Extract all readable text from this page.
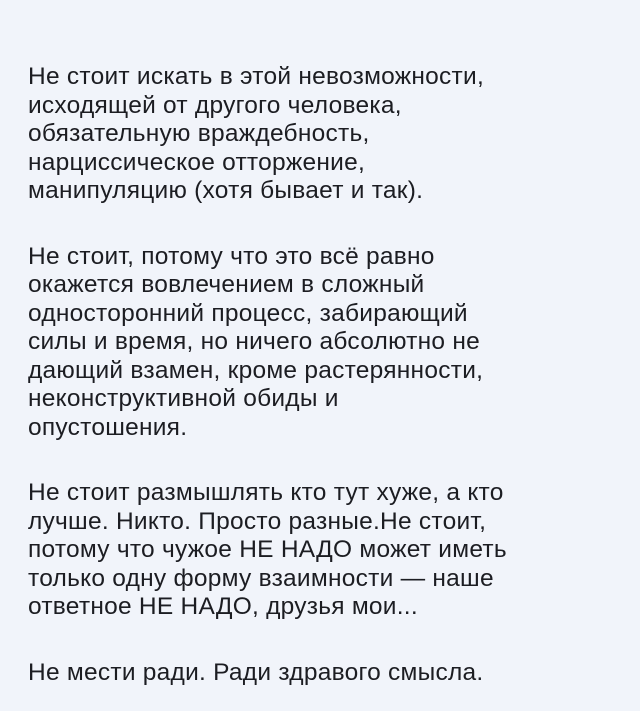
Не стоит искать в этой невозможности,
исходящей от другого человека,
обязательную враждебность,
нарциссическое отторжение,
манипуляцию (хотя бывает и так).
Не стоит, потому что это всё равно
окажется вовлечением в сложный
односторонний процесс, забирающий
силы и время, но ничего абсолютно не
дающий взамен, кроме растерянности,
неконструктивной обиды и
опустошения.
Не стоит размышлять кто тут хуже, а кто
лучше. Никто. Просто разные.Не стоит,
потому что чужое НЕ НАДО может иметь
только одну форму взаимности — наше
ответное НЕ НАДО, друзья мои...
Не мести ради. Ради здравого смысла.
